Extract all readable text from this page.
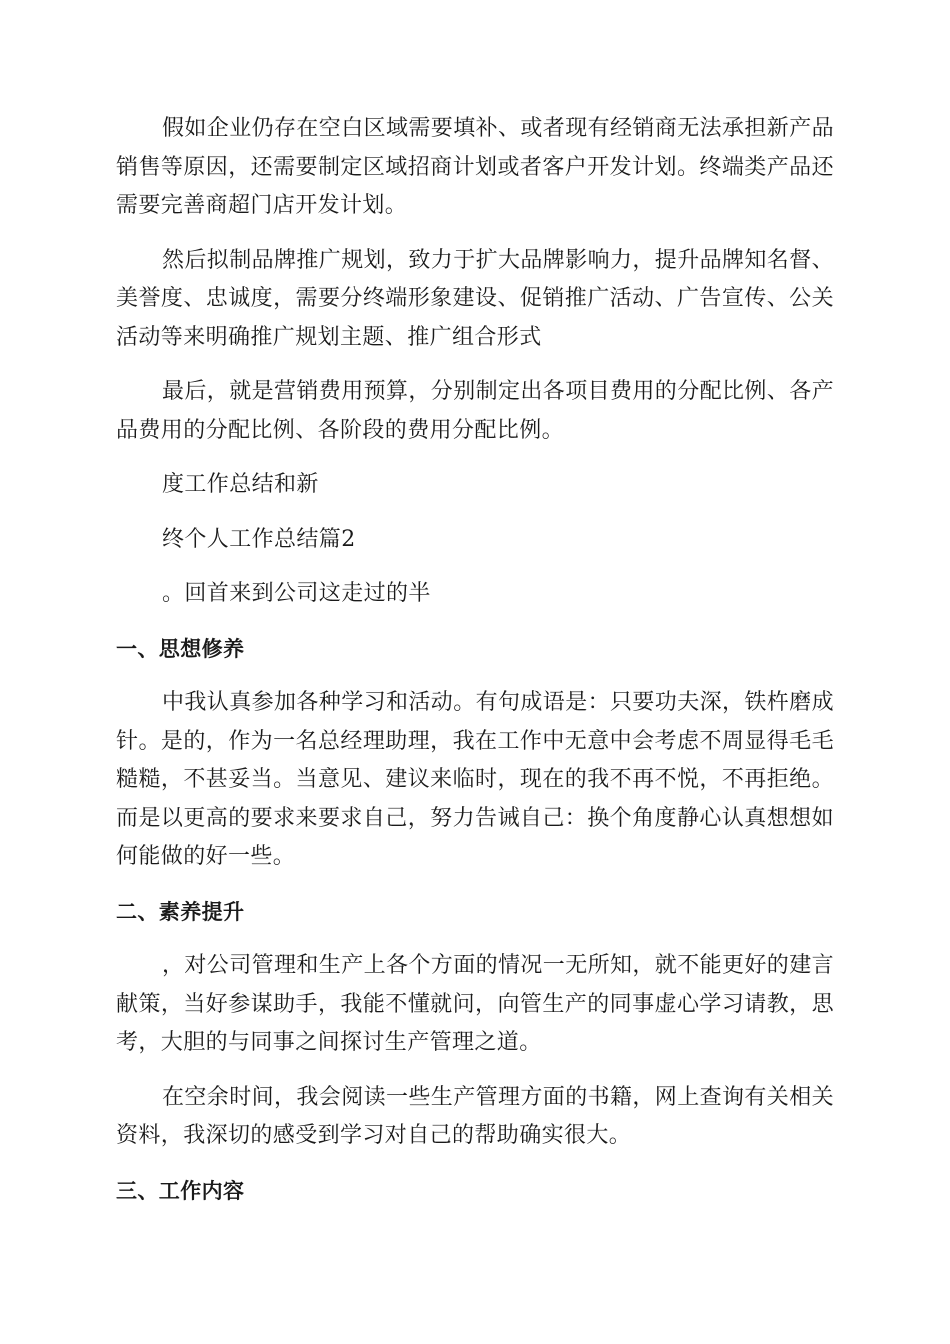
假如企业仍存在空白区域需要填补、或者现有经销商无法承担新产品销售等原因，还需要制定区域招商计划或者客户开发计划。终端类产品还需要完善商超门店开发计划。

然后拟制品牌推广规划，致力于扩大品牌影响力，提升品牌知名督、美誉度、忠诚度，需要分终端形象建设、促销推广活动、广告宣传、公关活动等来明确推广规划主题、推广组合形式

最后，就是营销费用预算，分别制定出各项目费用的分配比例、各产品费用的分配比例、各阶段的费用分配比例。

度工作总结和新

终个人工作总结篇2

。回首来到公司这走过的半

一、思想修养

中我认真参加各种学习和活动。有句成语是：只要功夫深，铁杵磨成针。是的，作为一名总经理助理，我在工作中无意中会考虑不周显得毛毛糙糙，不甚妥当。当意见、建议来临时，现在的我不再不悦，不再拒绝。而是以更高的要求来要求自己，努力告诫自己：换个角度静心认真想想如何能做的好一些。

二、素养提升

，对公司管理和生产上各个方面的情况一无所知，就不能更好的建言献策，当好参谋助手，我能不懂就问，向管生产的同事虚心学习请教，思考，大胆的与同事之间探讨生产管理之道。

在空余时间，我会阅读一些生产管理方面的书籍，网上查询有关相关资料，我深切的感受到学习对自己的帮助确实很大。

三、工作内容
